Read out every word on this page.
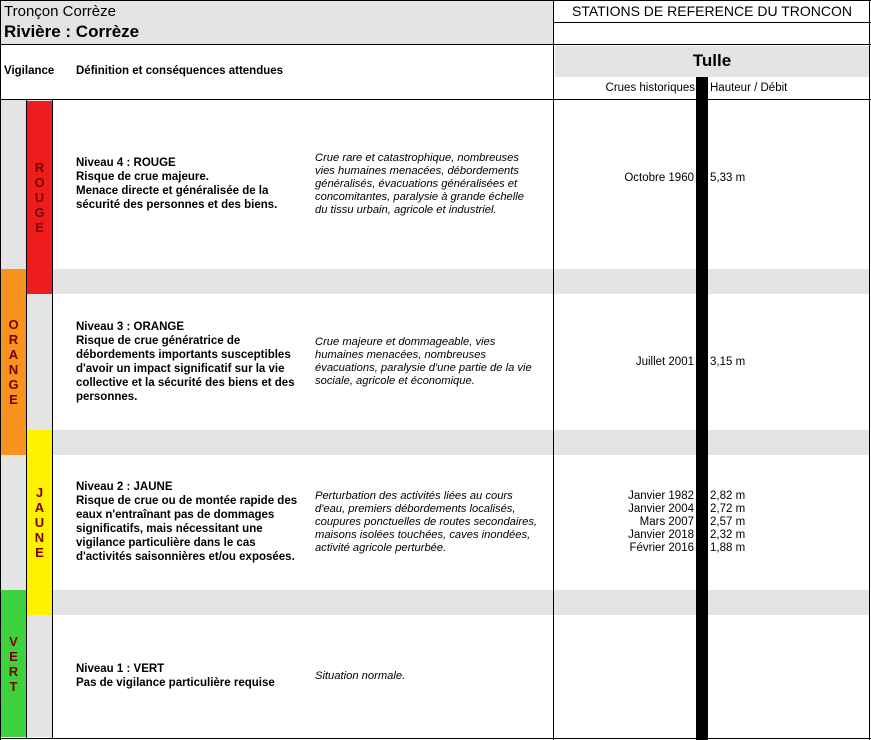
Tronçon Corrèze
Rivière : Corrèze
STATIONS DE REFERENCE DU TRONCON
Vigilance Définition et conséquences attendues
Tulle
Crues historiques Hauteur / Débit
R
O
U
G
E
O
R
A
N
G
E
J
A
U
N
E
V
E
R
T
Niveau 4 : ROUGE
Risque de crue majeure.
Menace directe et généralisée de la
sécurité des personnes et des biens.
Crue rare et catastrophique, nombreuses
vies humaines menacées, débordements
généralisés, évacuations généralisées et
concomitantes, paralysie à grande échelle
du tissu urbain, agricole et industriel.
Niveau 3 : ORANGE
Risque de crue génératrice de
débordements importants susceptibles
d'avoir un impact significatif sur la vie
collective et la sécurité des biens et des
personnes.
Crue majeure et dommageable, vies
humaines menacées, nombreuses
évacuations, paralysie d'une partie de la vie
sociale, agricole et économique.
Niveau 2 : JAUNE
Risque de crue ou de montée rapide des
eaux n'entraînant pas de dommages
significatifs, mais nécessitant une
vigilance particulière dans le cas
d'activités saisonnières et/ou exposées.
Perturbation des activités liées au cours
d'eau, premiers débordements localisés,
coupures ponctuelles de routes secondaires,
maisons isolées touchées, caves inondées,
activité agricole perturbée.
Niveau 1 : VERT
Pas de vigilance particulière requise
Situation normale.
Octobre 1960 5,33 m
Juillet 2001 3,15 m
Janvier 1982
Janvier 2004
Mars 2007
Janvier 2018
Février 2016
2,82 m
2,72 m
2,57 m
2,32 m
1,88 m
